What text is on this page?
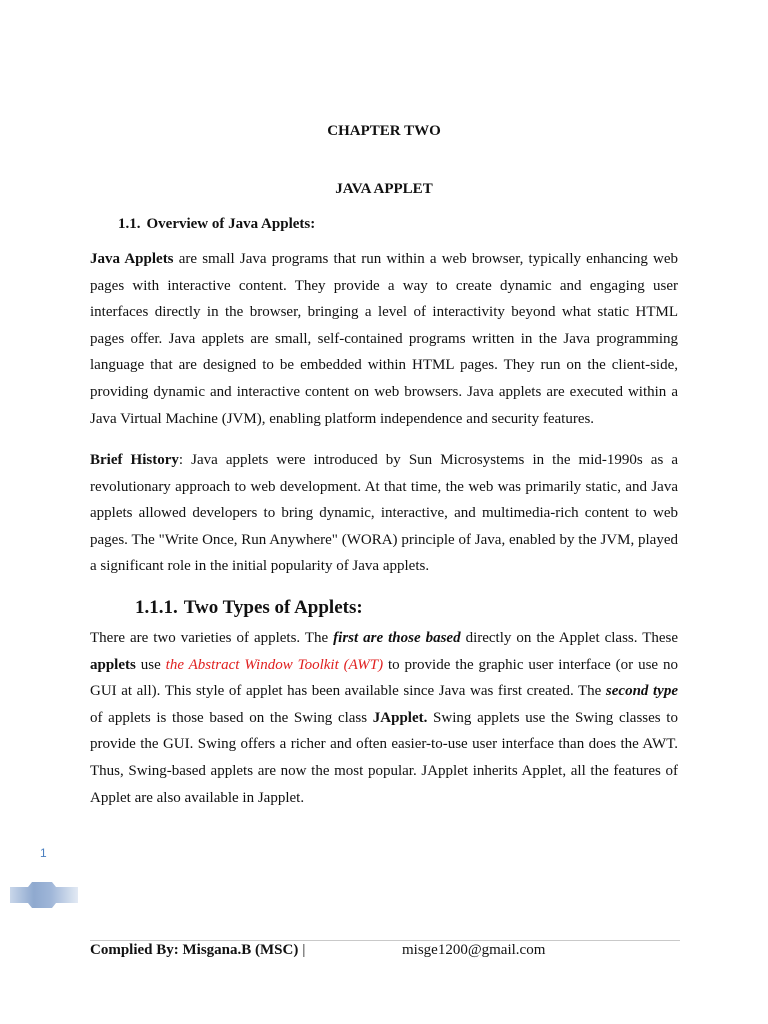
CHAPTER TWO
JAVA APPLET
1.1. Overview of Java Applets:
Java Applets are small Java programs that run within a web browser, typically enhancing web pages with interactive content. They provide a way to create dynamic and engaging user interfaces directly in the browser, bringing a level of interactivity beyond what static HTML pages offer. Java applets are small, self-contained programs written in the Java programming language that are designed to be embedded within HTML pages. They run on the client-side, providing dynamic and interactive content on web browsers. Java applets are executed within a Java Virtual Machine (JVM), enabling platform independence and security features.
Brief History: Java applets were introduced by Sun Microsystems in the mid-1990s as a revolutionary approach to web development. At that time, the web was primarily static, and Java applets allowed developers to bring dynamic, interactive, and multimedia-rich content to web pages. The "Write Once, Run Anywhere" (WORA) principle of Java, enabled by the JVM, played a significant role in the initial popularity of Java applets.
1.1.1. Two Types of Applets:
There are two varieties of applets. The first are those based directly on the Applet class. These applets use the Abstract Window Toolkit (AWT) to provide the graphic user interface (or use no GUI at all). This style of applet has been available since Java was first created. The second type of applets is those based on the Swing class JApplet. Swing applets use the Swing classes to provide the GUI. Swing offers a richer and often easier-to-use user interface than does the AWT. Thus, Swing-based applets are now the most popular. JApplet inherits Applet, all the features of Applet are also available in Japplet.
1
Complied By: Misgana.B (MSC) |	misge1200@gmail.com
